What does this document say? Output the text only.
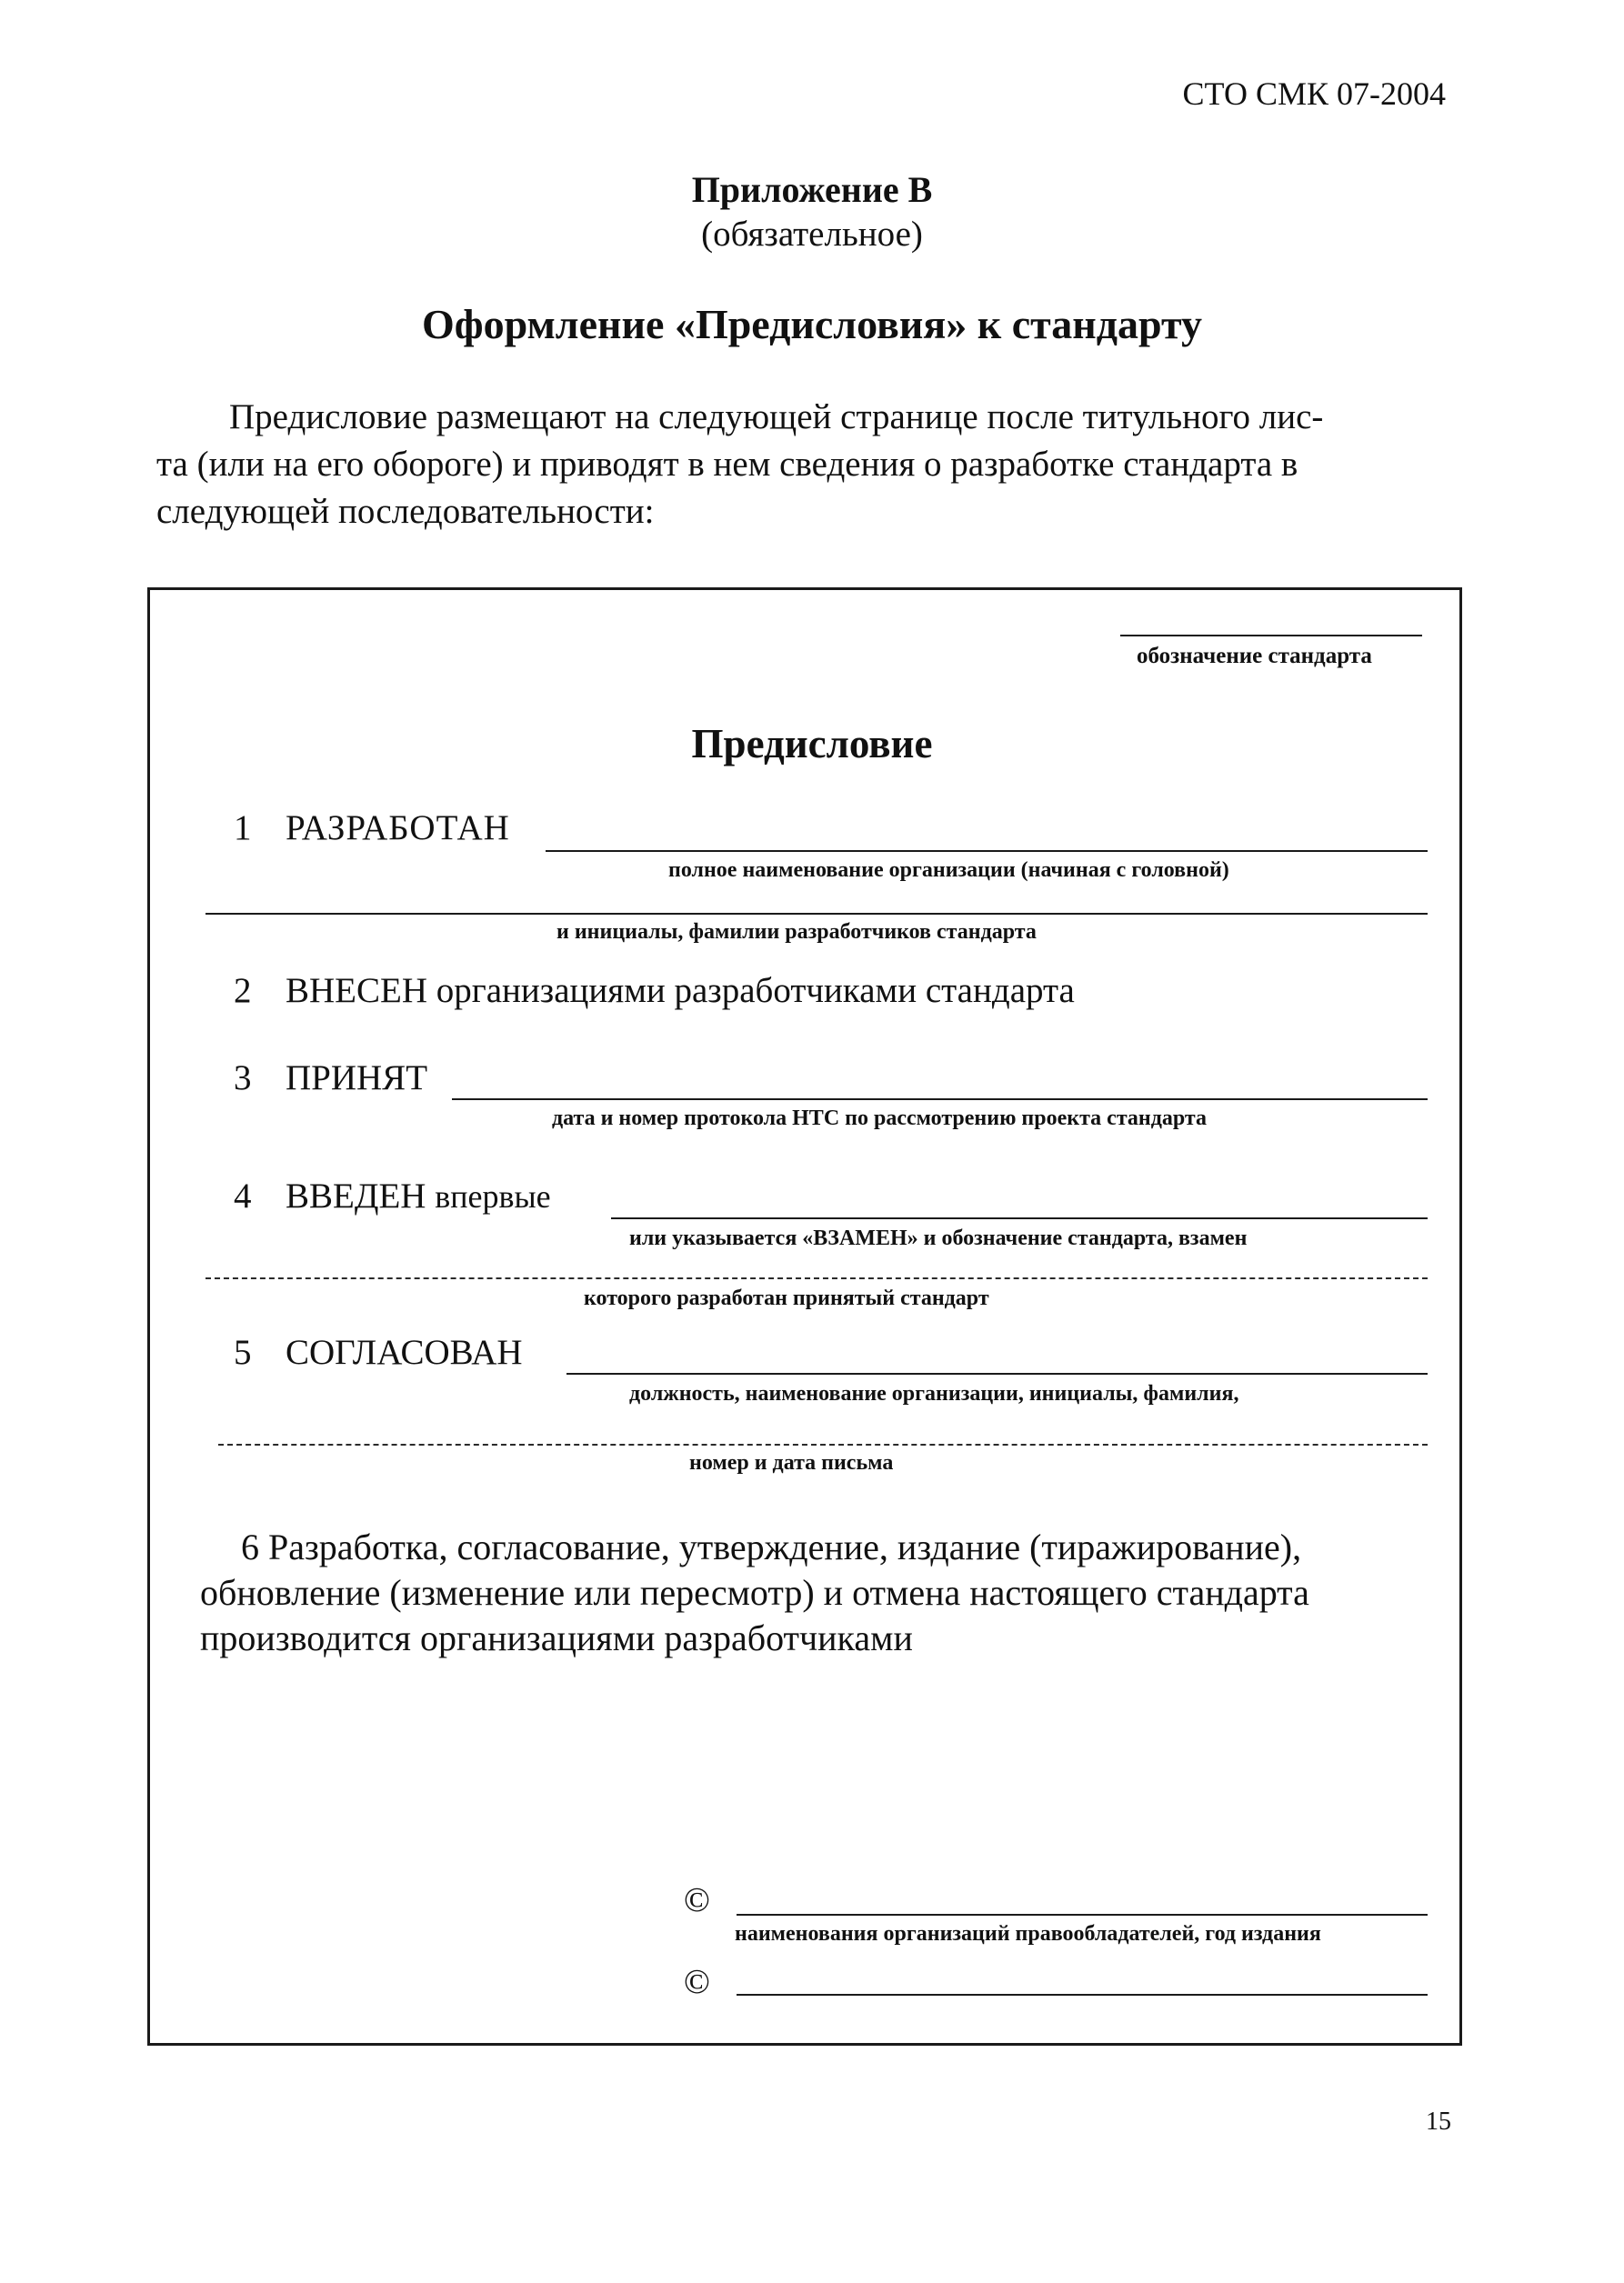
СТО СМК 07-2004
Приложение В
(обязательное)
Оформление «Предисловия» к стандарту
Предисловие размещают на следующей странице после титульного лис-
та (или на его обороге) и приводят в нем сведения о разработке стандарта в
следующей последовательности:
обозначение стандарта
Предисловие
1 РАЗРАБОТАН
полное наименование организации (начиная с головной)
и инициалы, фамилии разработчиков стандарта
2 ВНЕСЕН организациями разработчиками стандарта
3 ПРИНЯТ
дата и номер протокола НТС по рассмотрению проекта стандарта
4 ВВЕДЕН впервые
или указывается «ВЗАМЕН» и обозначение стандарта, взамен
которого разработан принятый стандарт
5 СОГЛАСОВАН
должность, наименование организации, инициалы, фамилия,
номер и дата письма
6 Разработка, согласование, утверждение, издание (тиражирование),
обновление (изменение или пересмотр) и отмена настоящего стандарта
производится организациями разработчиками
©
наименования организаций правообладателей, год издания
©
15
